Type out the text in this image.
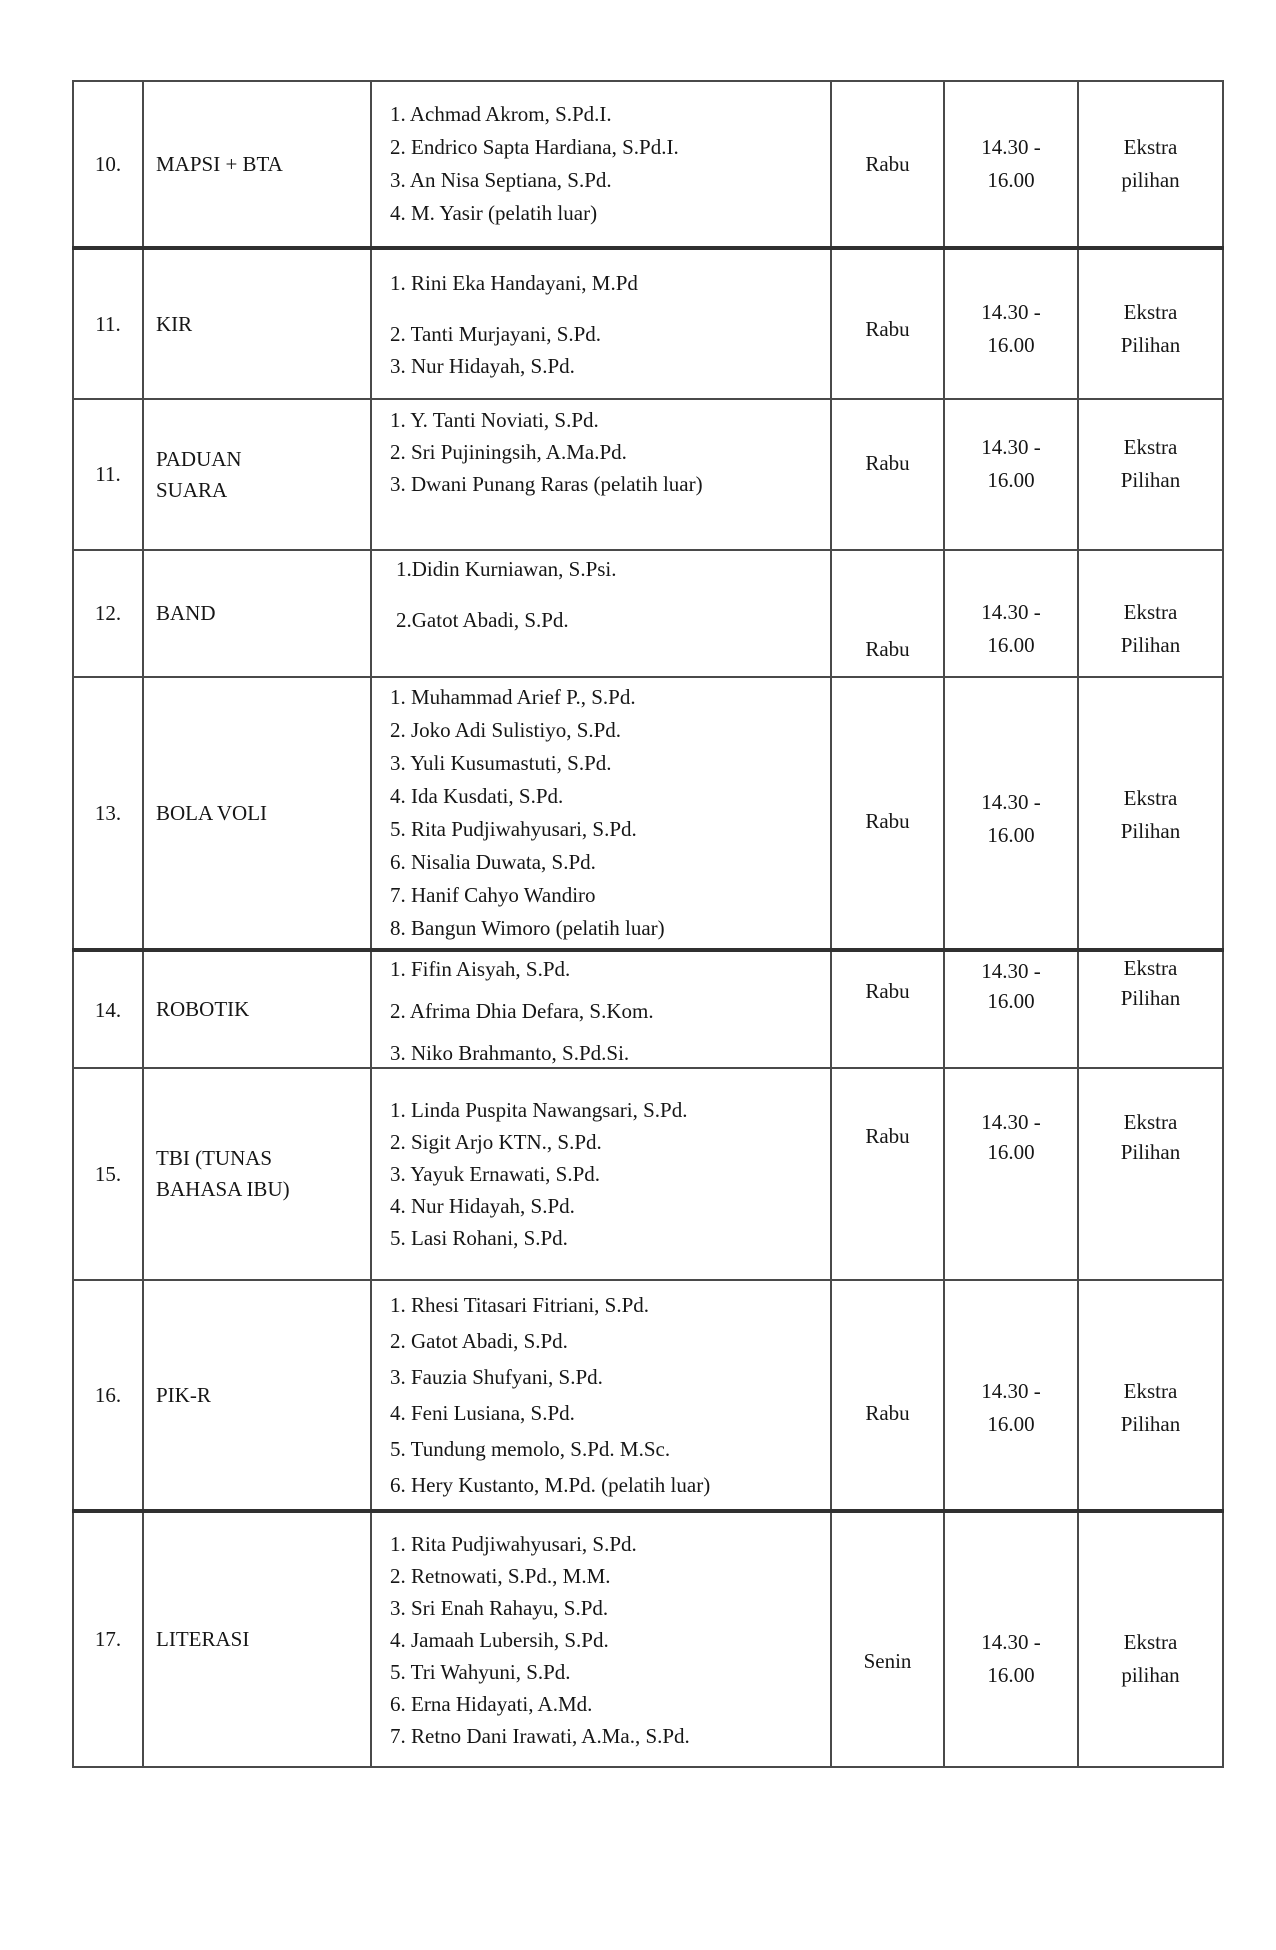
10.	MAPSI + BTA

1. Achmad Akrom, S.Pd.I.
2. Endrico Sapta Hardiana, S.Pd.I.
3. An Nisa Septiana, S.Pd.
4. M. Yasir (pelatih luar)

Rabu

14.30 -
16.00

Ekstra
pilihan

11.	KIR

1. Rini Eka Handayani, M.Pd
2. Tanti Murjayani, S.Pd.
3. Nur Hidayah, S.Pd.

Rabu

14.30 -
16.00

Ekstra
Pilihan

11.

PADUAN
SUARA

1. Y. Tanti Noviati, S.Pd.
2. Sri Pujiningsih, A.Ma.Pd.
3. Dwani Punang Raras (pelatih luar)

Rabu

14.30 -
16.00

Ekstra
Pilihan

12.	BAND

1.Didin Kurniawan, S.Psi.
2.Gatot Abadi, S.Pd.

Rabu

14.30 -
16.00

Ekstra
Pilihan

13.	BOLA VOLI

1. Muhammad Arief P., S.Pd.
2. Joko Adi Sulistiyo, S.Pd.
3. Yuli Kusumastuti, S.Pd.
4. Ida Kusdati, S.Pd.
5. Rita Pudjiwahyusari, S.Pd.
6. Nisalia Duwata, S.Pd.
7. Hanif Cahyo Wandiro
8. Bangun Wimoro (pelatih luar)

Rabu

14.30 -
16.00

Ekstra
Pilihan

14.	ROBOTIK

1. Fifin Aisyah, S.Pd.
2. Afrima Dhia Defara, S.Kom.
3. Niko Brahmanto, S.Pd.Si.

Rabu

14.30 -
16.00

Ekstra
Pilihan

15.

TBI (TUNAS
BAHASA IBU)

1. Linda Puspita Nawangsari, S.Pd.
2. Sigit Arjo KTN., S.Pd.
3. Yayuk Ernawati, S.Pd.
4. Nur Hidayah, S.Pd.
5. Lasi Rohani, S.Pd.

Rabu

14.30 -
16.00

Ekstra
Pilihan

16.	PIK-R

1. Rhesi Titasari Fitriani, S.Pd.
2. Gatot Abadi, S.Pd.
3. Fauzia Shufyani, S.Pd.
4. Feni Lusiana, S.Pd.
5. Tundung memolo, S.Pd. M.Sc.
6. Hery Kustanto, M.Pd. (pelatih luar)

Rabu

14.30 -
16.00

Ekstra
Pilihan

17.	LITERASI

1. Rita Pudjiwahyusari, S.Pd.
2. Retnowati, S.Pd., M.M.
3. Sri Enah Rahayu, S.Pd.
4. Jamaah Lubersih, S.Pd.
5. Tri Wahyuni, S.Pd.
6. Erna Hidayati, A.Md.
7. Retno Dani Irawati, A.Ma., S.Pd.

Senin

14.30 -
16.00

Ekstra
pilihan
